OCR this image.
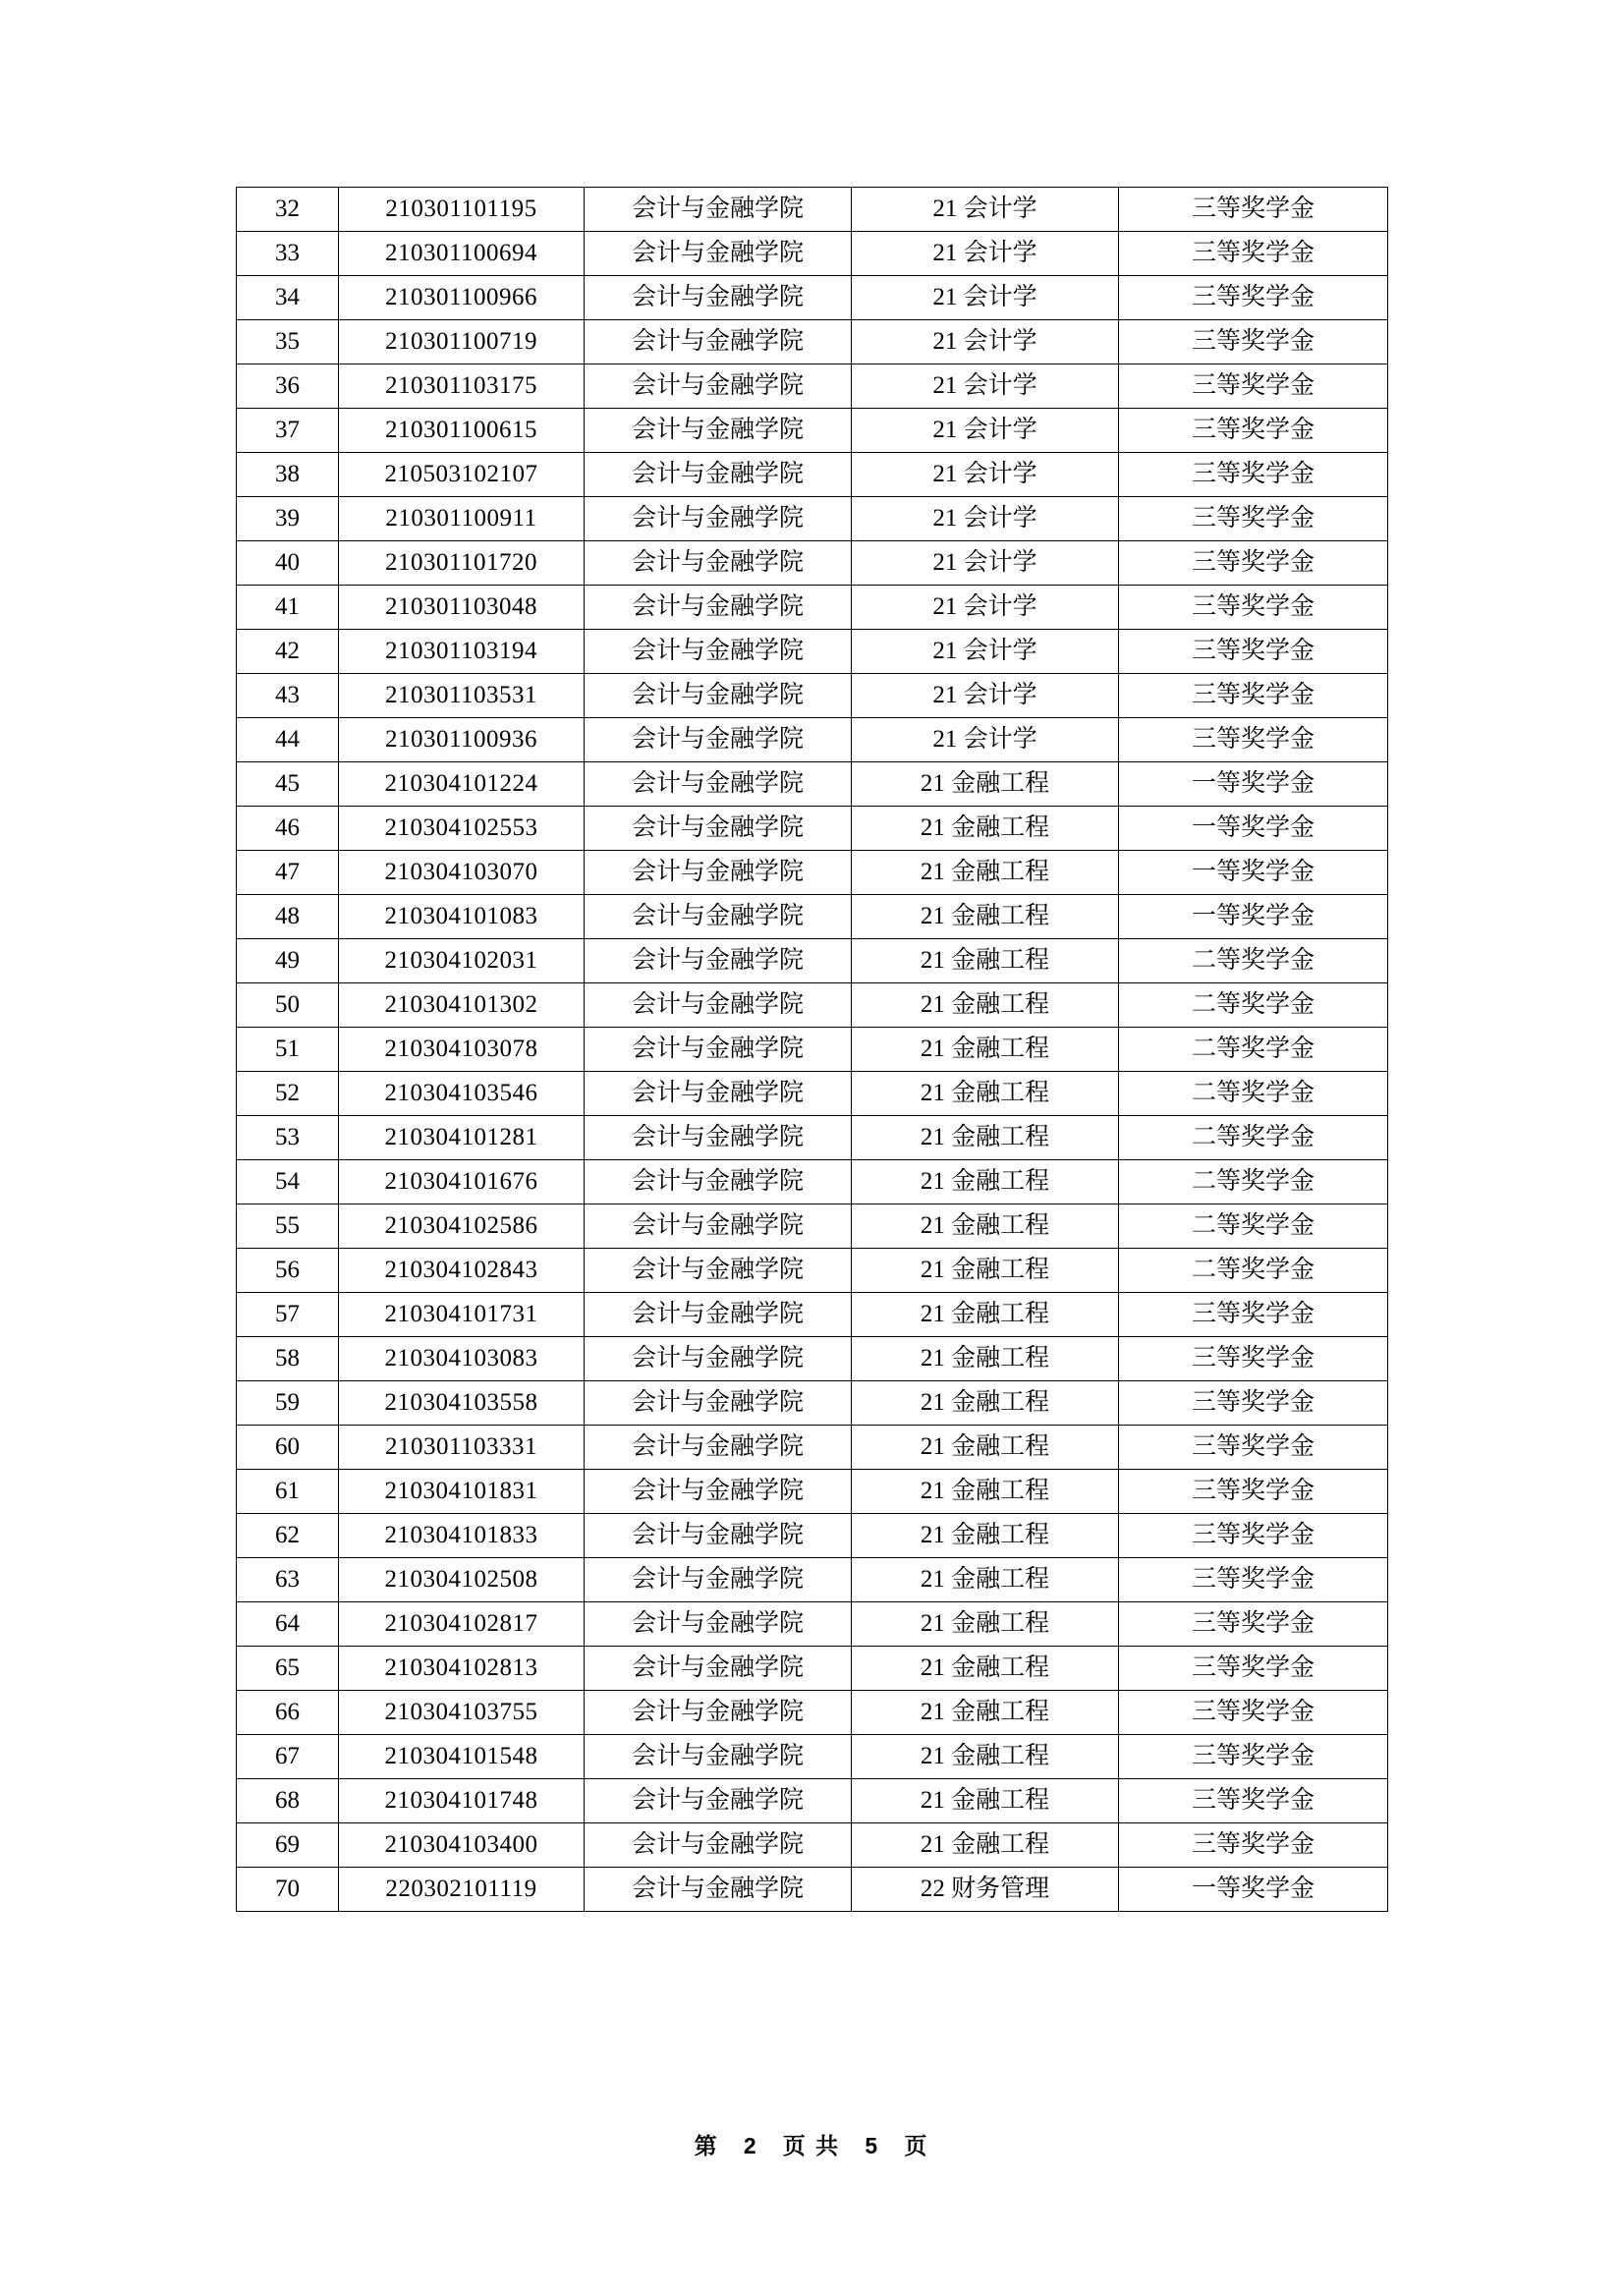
32	210301101195	会计与金融学院	21 会计学	三等奖学金
33	210301100694	会计与金融学院	21 会计学	三等奖学金
34	210301100966	会计与金融学院	21 会计学	三等奖学金
35	210301100719	会计与金融学院	21 会计学	三等奖学金
36	210301103175	会计与金融学院	21 会计学	三等奖学金
37	210301100615	会计与金融学院	21 会计学	三等奖学金
38	210503102107	会计与金融学院	21 会计学	三等奖学金
39	210301100911	会计与金融学院	21 会计学	三等奖学金
40	210301101720	会计与金融学院	21 会计学	三等奖学金
41	210301103048	会计与金融学院	21 会计学	三等奖学金
42	210301103194	会计与金融学院	21 会计学	三等奖学金
43	210301103531	会计与金融学院	21 会计学	三等奖学金
44	210301100936	会计与金融学院	21 会计学	三等奖学金
45	210304101224	会计与金融学院	21 金融工程	一等奖学金
46	210304102553	会计与金融学院	21 金融工程	一等奖学金
47	210304103070	会计与金融学院	21 金融工程	一等奖学金
48	210304101083	会计与金融学院	21 金融工程	一等奖学金
49	210304102031	会计与金融学院	21 金融工程	二等奖学金
50	210304101302	会计与金融学院	21 金融工程	二等奖学金
51	210304103078	会计与金融学院	21 金融工程	二等奖学金
52	210304103546	会计与金融学院	21 金融工程	二等奖学金
53	210304101281	会计与金融学院	21 金融工程	二等奖学金
54	210304101676	会计与金融学院	21 金融工程	二等奖学金
55	210304102586	会计与金融学院	21 金融工程	二等奖学金
56	210304102843	会计与金融学院	21 金融工程	二等奖学金
57	210304101731	会计与金融学院	21 金融工程	三等奖学金
58	210304103083	会计与金融学院	21 金融工程	三等奖学金
59	210304103558	会计与金融学院	21 金融工程	三等奖学金
60	210301103331	会计与金融学院	21 金融工程	三等奖学金
61	210304101831	会计与金融学院	21 金融工程	三等奖学金
62	210304101833	会计与金融学院	21 金融工程	三等奖学金
63	210304102508	会计与金融学院	21 金融工程	三等奖学金
64	210304102817	会计与金融学院	21 金融工程	三等奖学金
65	210304102813	会计与金融学院	21 金融工程	三等奖学金
66	210304103755	会计与金融学院	21 金融工程	三等奖学金
67	210304101548	会计与金融学院	21 金融工程	三等奖学金
68	210304101748	会计与金融学院	21 金融工程	三等奖学金
69	210304103400	会计与金融学院	21 金融工程	三等奖学金
70	220302101119	会计与金融学院	22 财务管理	一等奖学金
第 2 页 共 5 页
